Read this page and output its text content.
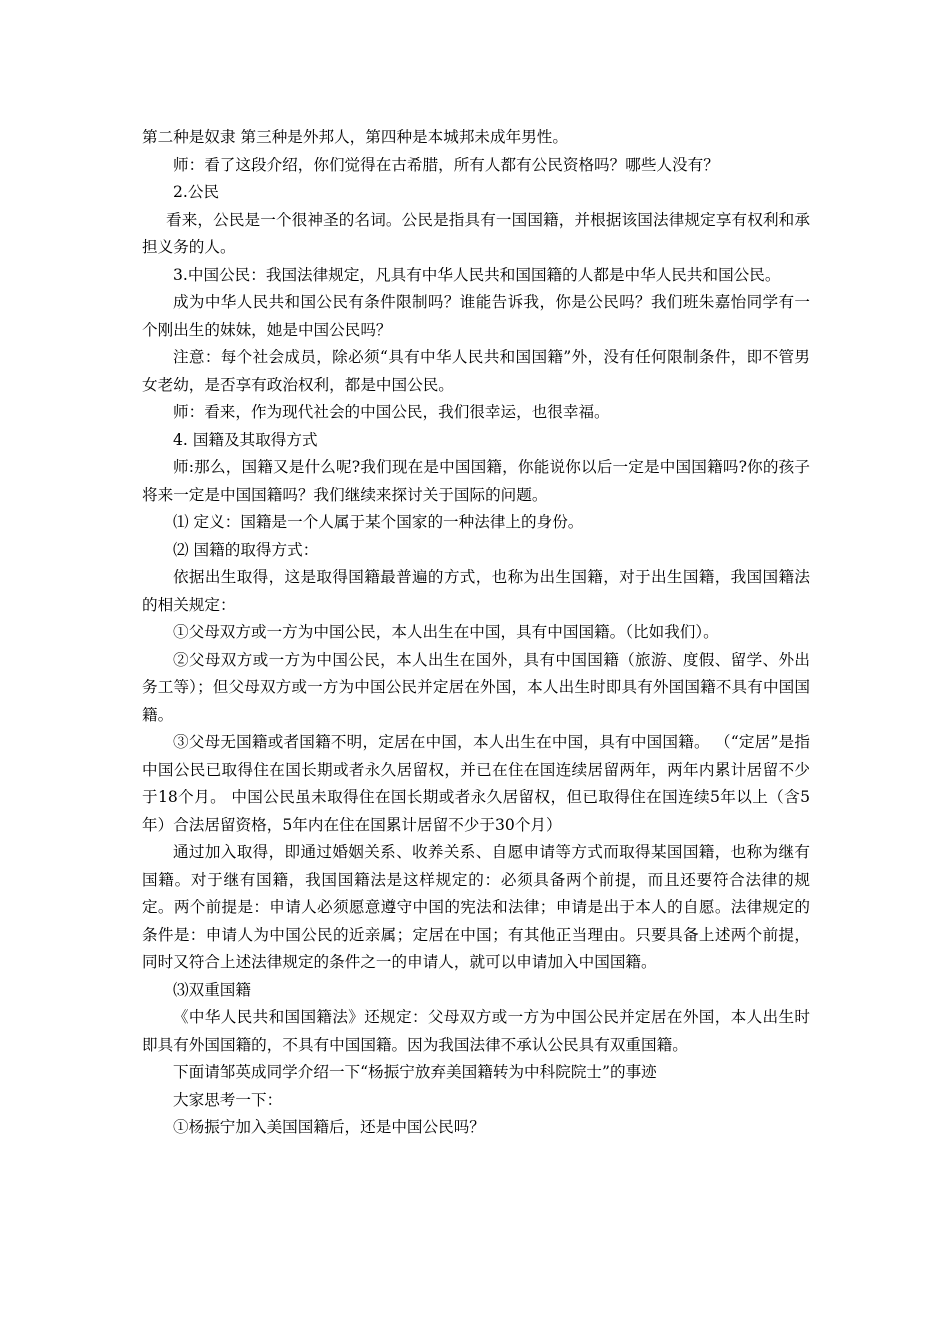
第二种是奴隶 第三种是外邦人，第四种是本城邦未成年男性。

师：看了这段介绍，你们觉得在古希腊，所有人都有公民资格吗？哪些人没有？

2.公民

看来，公民是一个很神圣的名词。公民是指具有一国国籍，并根据该国法律规定享有权利和承担义务的人。

3.中国公民：我国法律规定，凡具有中华人民共和国国籍的人都是中华人民共和国公民。

成为中华人民共和国公民有条件限制吗？谁能告诉我，你是公民吗？我们班朱嘉怡同学有一个刚出生的妹妹，她是中国公民吗？

注意：每个社会成员，除必须“具有中华人民共和国国籍”外，没有任何限制条件，即不管男女老幼，是否享有政治权利，都是中国公民。

师：看来，作为现代社会的中国公民，我们很幸运，也很幸福。

4. 国籍及其取得方式

师:那么，国籍又是什么呢?我们现在是中国国籍，你能说你以后一定是中国国籍吗?你的孩子将来一定是中国国籍吗？我们继续来探讨关于国际的问题。

⑴ 定义：国籍是一个人属于某个国家的一种法律上的身份。

⑵ 国籍的取得方式：

依据出生取得，这是取得国籍最普遍的方式，也称为出生国籍，对于出生国籍，我国国籍法的相关规定：

①父母双方或一方为中国公民，本人出生在中国，具有中国国籍。（比如我们）。

②父母双方或一方为中国公民，本人出生在国外，具有中国国籍（旅游、度假、留学、外出务工等）；但父母双方或一方为中国公民并定居在外国，本人出生时即具有外国国籍不具有中国国籍。

③父母无国籍或者国籍不明，定居在中国，本人出生在中国，具有中国国籍。 （“定居”是指中国公民已取得住在国长期或者永久居留权，并已在住在国连续居留两年，两年内累计居留不少于18个月。 中国公民虽未取得住在国长期或者永久居留权，但已取得住在国连续5年以上（含5年）合法居留资格，5年内在住在国累计居留不少于30个月）

通过加入取得，即通过婚姻关系、收养关系、自愿申请等方式而取得某国国籍，也称为继有国籍。对于继有国籍，我国国籍法是这样规定的：必须具备两个前提，而且还要符合法律的规定。两个前提是：申请人必须愿意遵守中国的宪法和法律；申请是出于本人的自愿。法律规定的条件是：申请人为中国公民的近亲属；定居在中国；有其他正当理由。只要具备上述两个前提，同时又符合上述法律规定的条件之一的申请人，就可以申请加入中国国籍。

⑶双重国籍

《中华人民共和国国籍法》还规定：父母双方或一方为中国公民并定居在外国，本人出生时即具有外国国籍的，不具有中国国籍。因为我国法律不承认公民具有双重国籍。

下面请邹英成同学介绍一下“杨振宁放弃美国籍转为中科院院士”的事迹

大家思考一下：

①杨振宁加入美国国籍后，还是中国公民吗？
